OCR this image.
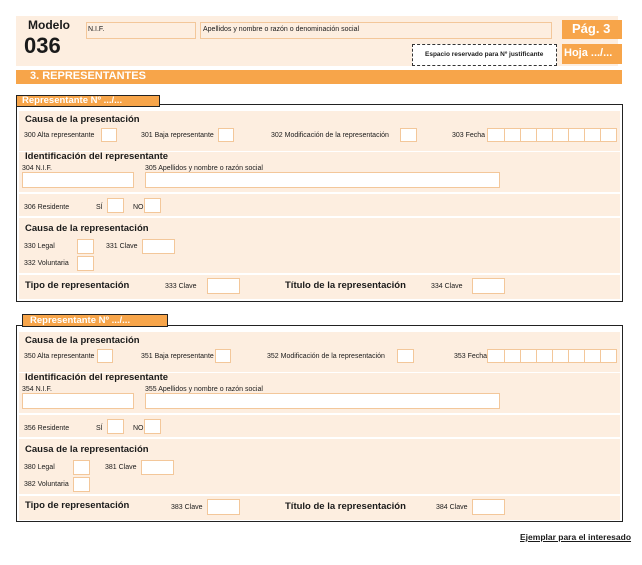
Modelo
036
N.I.F.	Apellidos y nombre o razón o denominación social	Pág. 3
Hoja .../...
Espacio reservado para Nº justificante
3. REPRESENTANTES
Causa de la presentación
300 Alta representante	301 Baja representante	302 Modificación de la representación	303 Fecha
Identificación del representante
304 N.I.F.	305 Apellidos y nombre o razón social
306 Residente	SÍ	NO
Causa de la representación
330 Legal	331 Clave
332 Voluntaria
Tipo de representación	333 Clave	Título de la representación	334 Clave
Representante Nº .../...
Causa de la presentación
350 Alta representante	351 Baja representante	352 Modificación de la representación	353 Fecha
Identificación del representante
354 N.I.F.	355 Apellidos y nombre o razón social
356 Residente	SÍ	NO
Causa de la representación
380 Legal	381 Clave
382 Voluntaria
Tipo de representación	383 Clave	Título de la representación	384 Clave
Representante Nº .../...
Ejemplar para el interesado
